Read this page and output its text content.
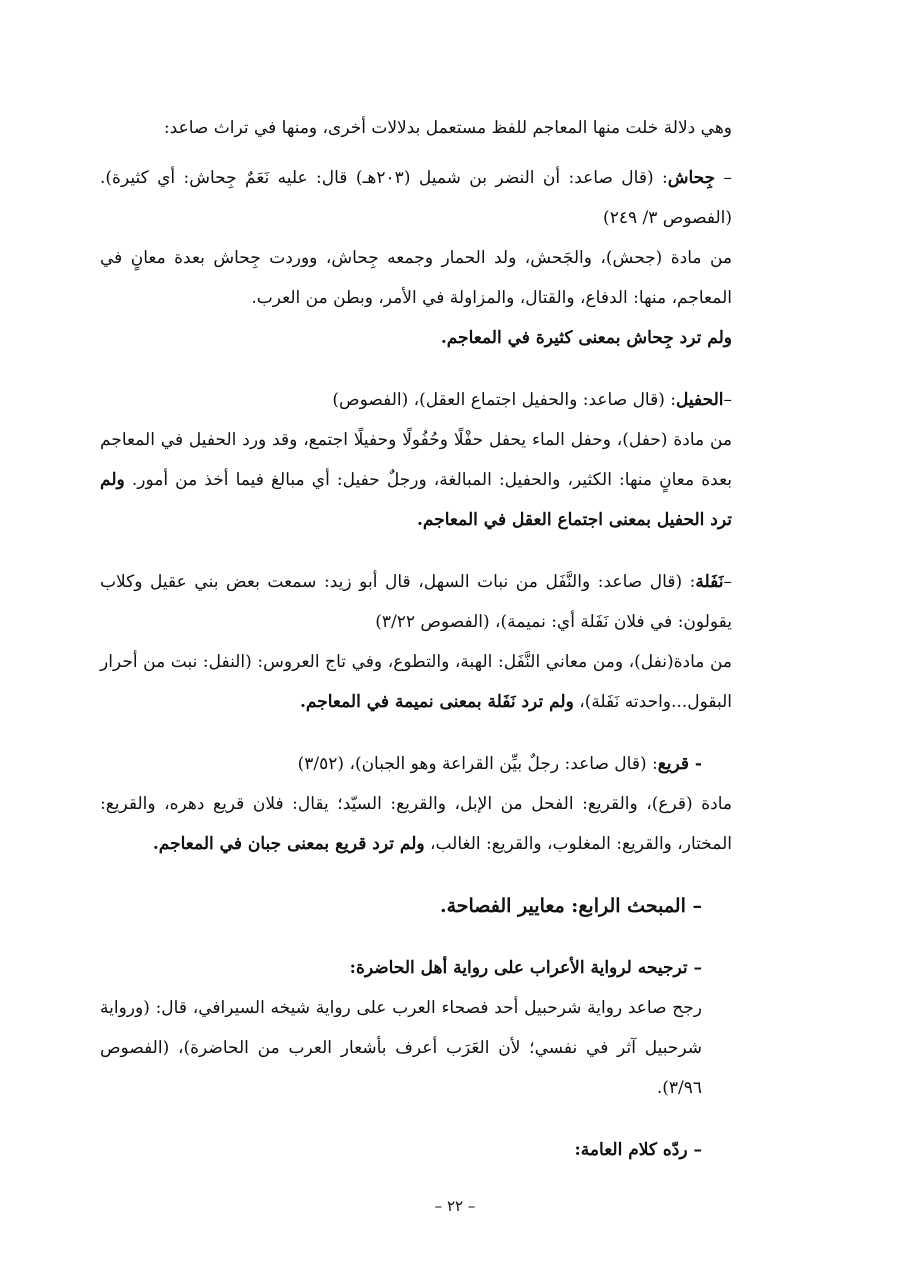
وهي دلالة خلت منها المعاجم للفظ مستعمل بدلالات أخرى، ومنها في تراث صاعد:

– جِحاش: (قال صاعد: أن النضر بن شميل (٢٠٣هـ) قال: عليه نَعَمٌ جِحاش: أي كثيرة). (الفصوص ٣/ ٢٤٩)

من مادة (جحش)، والجَحش، ولد الحمار وجمعه جِحاش، ووردت جِحاش بعدة معانٍ في المعاجم، منها: الدفاع، والقتال، والمزاولة في الأمر، وبطن من العرب.

ولم ترد جِحاش بمعنى كثيرة في المعاجم.

–الحفيل: (قال صاعد: والحفيل اجتماع العقل)، (الفصوص)

من مادة (حفل)، وحفل الماء يحفل حفْلًا وحُفُولًا وحفيلًا اجتمع، وقد ورد الحفيل في المعاجم بعدة معانٍ منها: الكثير، والحفيل: المبالغة، ورجلٌ حفيل: أي مبالغ فيما أخذ من أمور. ولم ترد الحفيل بمعنى اجتماع العقل في المعاجم.

–نَفَلة: (قال صاعد: والنَّفَل من نبات السهل، قال أبو زيد: سمعت بعض بني عقيل وكلاب يقولون: في فلان نَفَلة أي: نميمة)، (الفصوص ٣/٢٢)

من مادة(نفل)، ومن معاني النَّفَل: الهبة، والتطوع، وفي تاج العروس: (النفل: نبت من أحرار البقول...واحدته نَفَلة)، ولم ترد نَفَلة بمعنى نميمة في المعاجم.

- قريع: (قال صاعد: رجلٌ بيِّن القراعة وهو الجبان)، (٣/٥٢)

مادة (قرع)، والقريع: الفحل من الإبل، والقريع: السيّد؛ يقال: فلان قريع دهره، والقريع: المختار، والقريع: المغلوب، والقريع: الغالب، ولم ترد قريع بمعنى جبان في المعاجم.

– المبحث الرابع: معايير الفصاحة.

– ترجيحه لرواية الأعراب على رواية أهل الحاضرة:

رجح صاعد رواية شرحبيل أحد فصحاء العرب على رواية شيخه السيرافي، قال: (ورواية شرحبيل آثر في نفسي؛ لأن العَرَب أعرف بأشعار العرب من الحاضرة)، (الفصوص ٣/٩٦).

– ردّه كلام العامة:

– ٢٢ –
